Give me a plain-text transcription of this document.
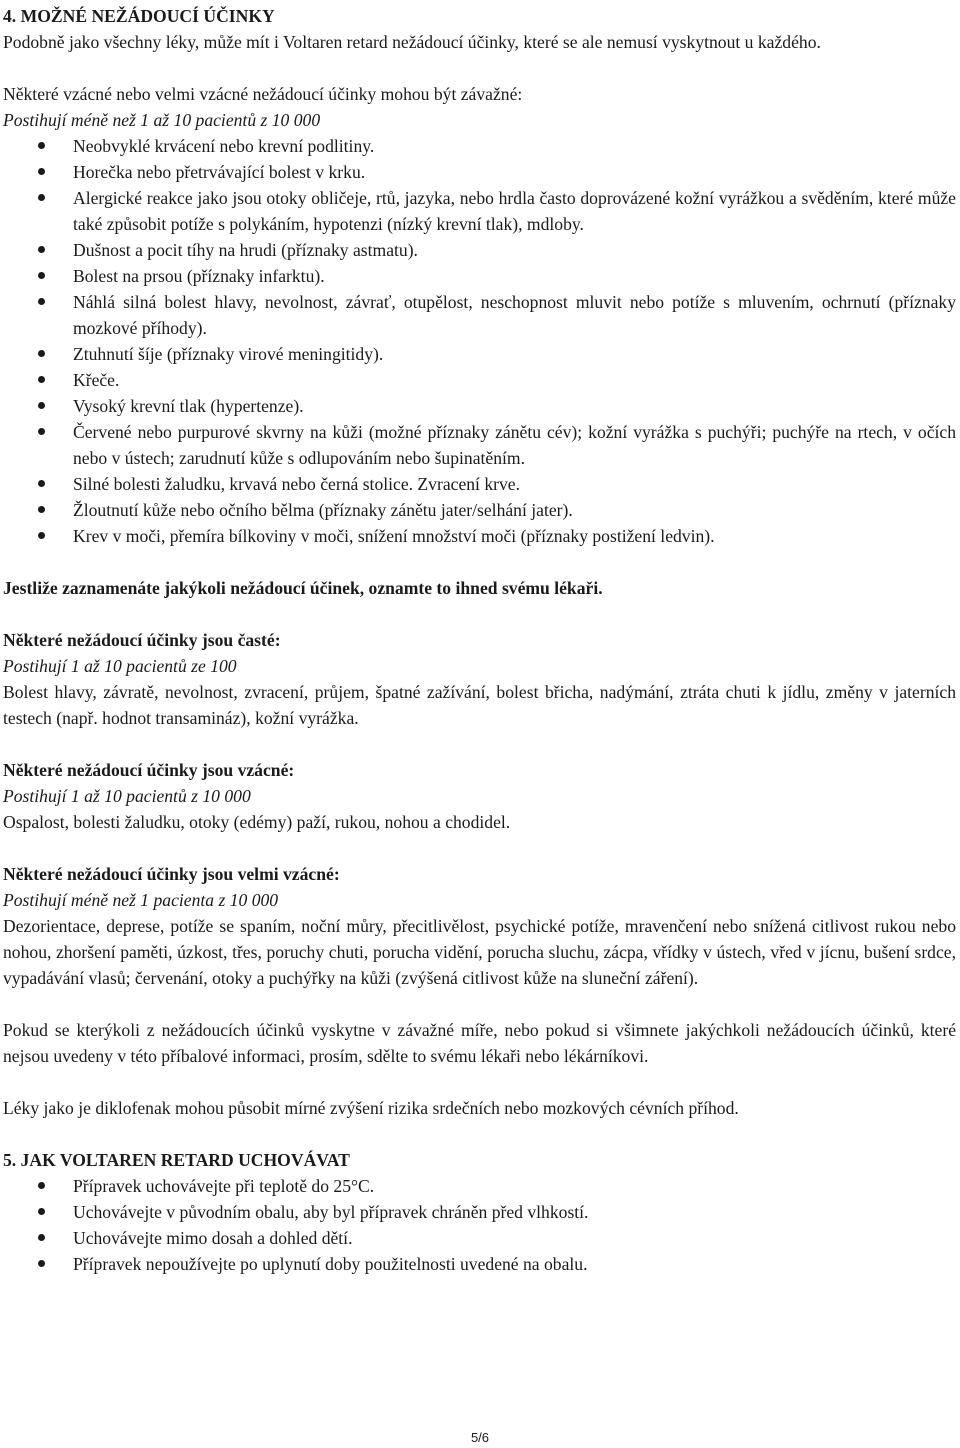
4. MOŽNÉ NEŽÁDOUCÍ ÚČINKY

Podobně jako všechny léky, může mít i Voltaren retard nežádoucí účinky, které se ale nemusí vyskytnout u každého.

Některé vzácné nebo velmi vzácné nežádoucí účinky mohou být závažné:

Postihují méně než 1 až 10 pacientů z 10 000

Neobvyklé krvácení nebo krevní podlitiny.
Horečka nebo přetrvávající bolest v krku.
Alergické reakce jako jsou otoky obličeje, rtů, jazyka, nebo hrdla často doprovázené kožní vyrážkou a svěděním, které může také způsobit potíže s polykáním, hypotenzi (nízký krevní tlak), mdloby.
Dušnost a pocit tíhy na hrudi (příznaky astmatu).
Bolest na prsou (příznaky infarktu).
Náhlá silná bolest hlavy, nevolnost, závrať, otupělost, neschopnost mluvit nebo potíže s mluvením, ochrnutí (příznaky mozkové příhody).
Ztuhnutí šíje (příznaky virové meningitidy).
Křeče.
Vysoký krevní tlak (hypertenze).
Červené nebo purpurové skvrny na kůži (možné příznaky zánětu cév); kožní vyrážka s puchýři; puchýře na rtech, v očích nebo v ústech; zarudnutí kůže s odlupováním nebo šupinatěním.
Silné bolesti žaludku, krvavá nebo černá stolice. Zvracení krve.
Žloutnutí kůže nebo očního bělma (příznaky zánětu jater/selhání jater).
Krev v moči, přemíra bílkoviny v moči, snížení množství moči (příznaky postižení ledvin).

Jestliže zaznamenáte jakýkoli nežádoucí účinek, oznamte to ihned svému lékaři.

Některé nežádoucí účinky jsou časté:

Postihují 1 až 10 pacientů ze 100

Bolest hlavy, závratě, nevolnost, zvracení, průjem, špatné zažívání, bolest břicha, nadýmání, ztráta chuti k jídlu, změny v jaterních testech (např. hodnot transamináz), kožní vyrážka.

Některé nežádoucí účinky jsou vzácné:

Postihují 1 až 10 pacientů z 10 000

Ospalost, bolesti žaludku, otoky (edémy) paží, rukou, nohou a chodidel.

Některé nežádoucí účinky jsou velmi vzácné:

Postihují méně než 1 pacienta z 10 000

Dezorientace, deprese, potíže se spaním, noční můry, přecitlivělost, psychické potíže, mravenčení nebo snížená citlivost rukou nebo nohou, zhoršení paměti, úzkost, třes, poruchy chuti, porucha vidění, porucha sluchu, zácpa, vřídky v ústech, vřed v jícnu, bušení srdce, vypadávání vlasů; červenání, otoky a puchýřky na kůži (zvýšená citlivost kůže na sluneční záření).

Pokud se kterýkoli z nežádoucích účinků vyskytne v závažné míře, nebo pokud si všimnete jakýchkoli nežádoucích účinků, které nejsou uvedeny v této příbalové informaci, prosím, sdělte to svému lékaři nebo lékárníkovi.

Léky jako je diklofenak mohou působit mírné zvýšení rizika srdečních nebo mozkových cévních příhod.

5. JAK VOLTAREN RETARD UCHOVÁVAT

Přípravek uchovávejte při teplotě do 25°C.
Uchovávejte v původním obalu, aby byl přípravek chráněn před vlhkostí.
Uchovávejte mimo dosah a dohled dětí.
Přípravek nepoužívejte po uplynutí doby použitelnosti uvedené na obalu.
5/6
